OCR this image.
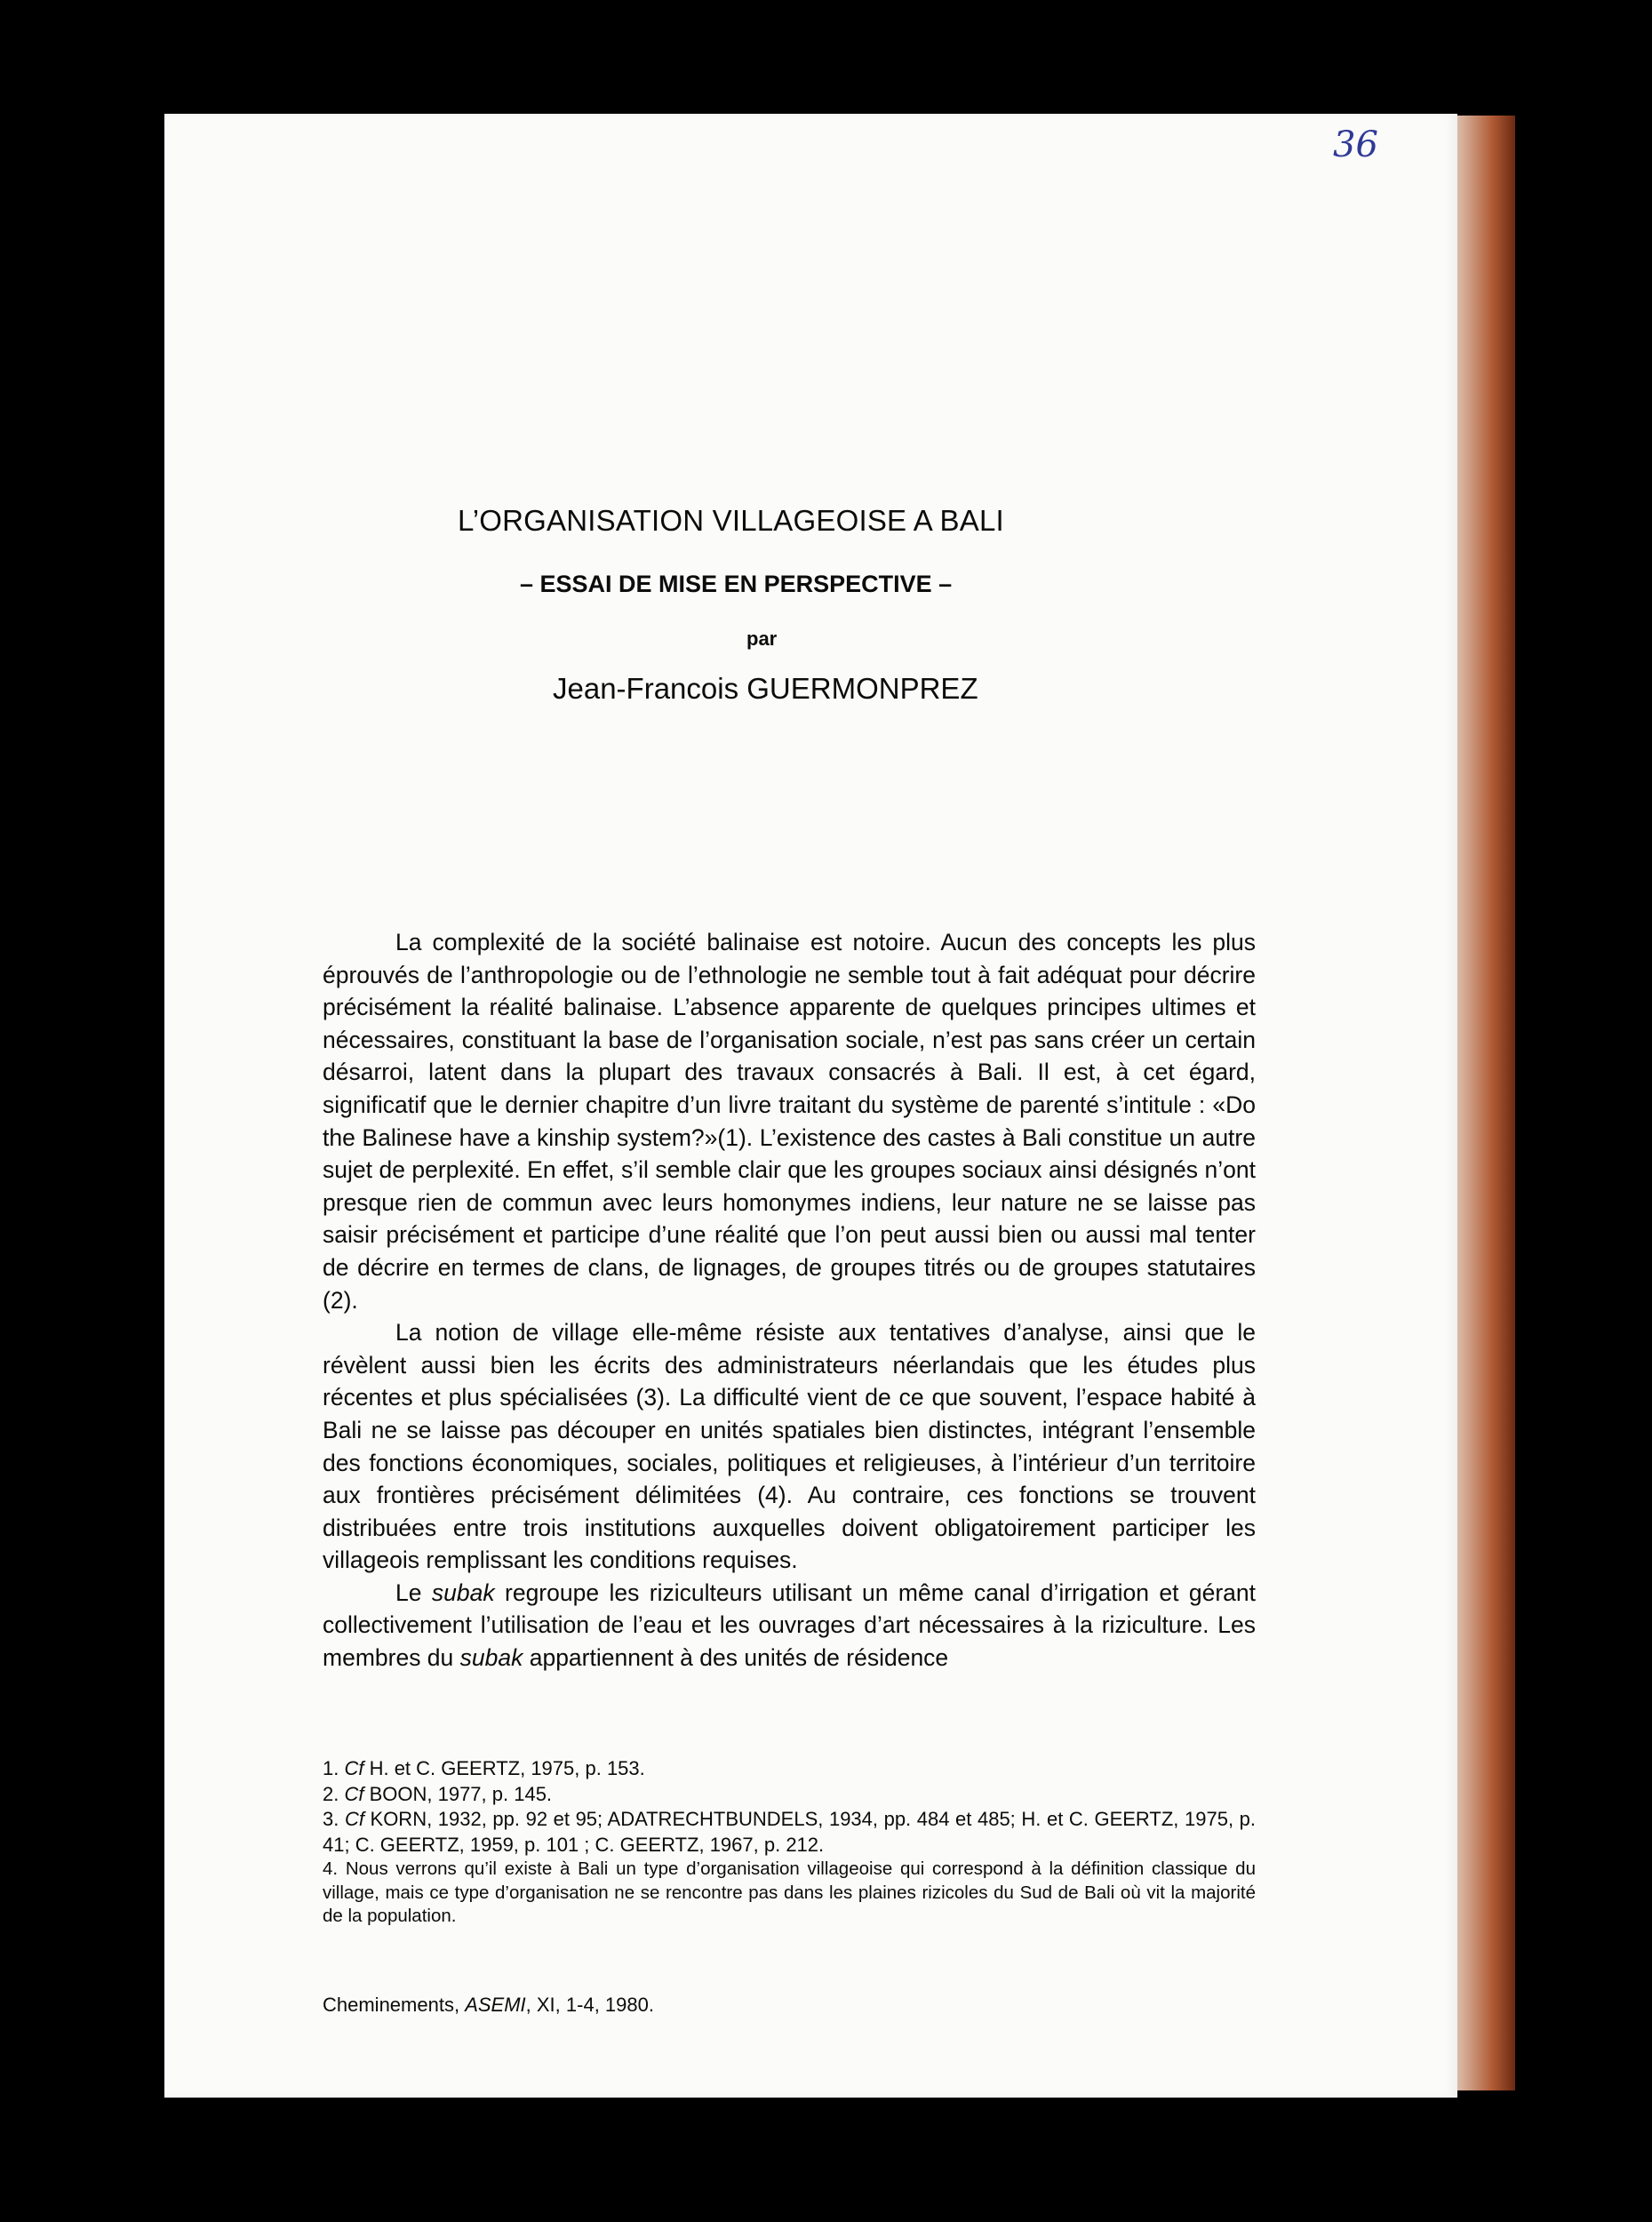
36
L’ORGANISATION VILLAGEOISE A BALI
– ESSAI DE MISE EN PERSPECTIVE –
par
Jean-Francois GUERMONPREZ

La complexité de la société balinaise est notoire. Aucun des concepts les plus éprouvés de l’anthropologie ou de l’ethnologie ne semble tout à fait adéquat pour décrire précisément la réalité balinaise. L’absence apparente de quelques principes ultimes et nécessaires, constituant la base de l’organisation sociale, n’est pas sans créer un certain désarroi, latent dans la plupart des travaux consacrés à Bali. Il est, à cet égard, significatif que le dernier chapitre d’un livre traitant du système de parenté s’intitule : «Do the Balinese have a kinship system?»(1). L’existence des castes à Bali constitue un autre sujet de perplexité. En effet, s’il semble clair que les groupes sociaux ainsi désignés n’ont presque rien de commun avec leurs homonymes indiens, leur nature ne se laisse pas saisir précisément et participe d’une réalité que l’on peut aussi bien ou aussi mal tenter de décrire en termes de clans, de lignages, de groupes titrés ou de groupes statutaires (2).

La notion de village elle-même résiste aux tentatives d’analyse, ainsi que le révèlent aussi bien les écrits des administrateurs néerlandais que les études plus récentes et plus spécialisées (3). La difficulté vient de ce que souvent, l’espace habité à Bali ne se laisse pas découper en unités spatiales bien distinctes, intégrant l’ensemble des fonctions économiques, sociales, politiques et religieuses, à l’intérieur d’un territoire aux frontières précisément délimitées (4). Au contraire, ces fonctions se trouvent distribuées entre trois institutions auxquelles doivent obligatoirement participer les villageois remplissant les conditions requises.

Le subak regroupe les riziculteurs utilisant un même canal d’irrigation et gérant collectivement l’utilisation de l’eau et les ouvrages d’art nécessaires à la riziculture. Les membres du subak appartiennent à des unités de résidence

1. Cf H. et C. GEERTZ, 1975, p. 153.

2. Cf BOON, 1977, p. 145.

3. Cf KORN, 1932, pp. 92 et 95; ADATRECHTBUNDELS, 1934, pp. 484 et 485; H. et C. GEERTZ, 1975, p. 41; C. GEERTZ, 1959, p. 101 ; C. GEERTZ, 1967, p. 212.

4. Nous verrons qu’il existe à Bali un type d’organisation villageoise qui correspond à la définition classique du village, mais ce type d’organisation ne se rencontre pas dans les plaines rizicoles du Sud de Bali où vit la majorité de la population.

Cheminements, ASEMI, XI, 1-4, 1980.
